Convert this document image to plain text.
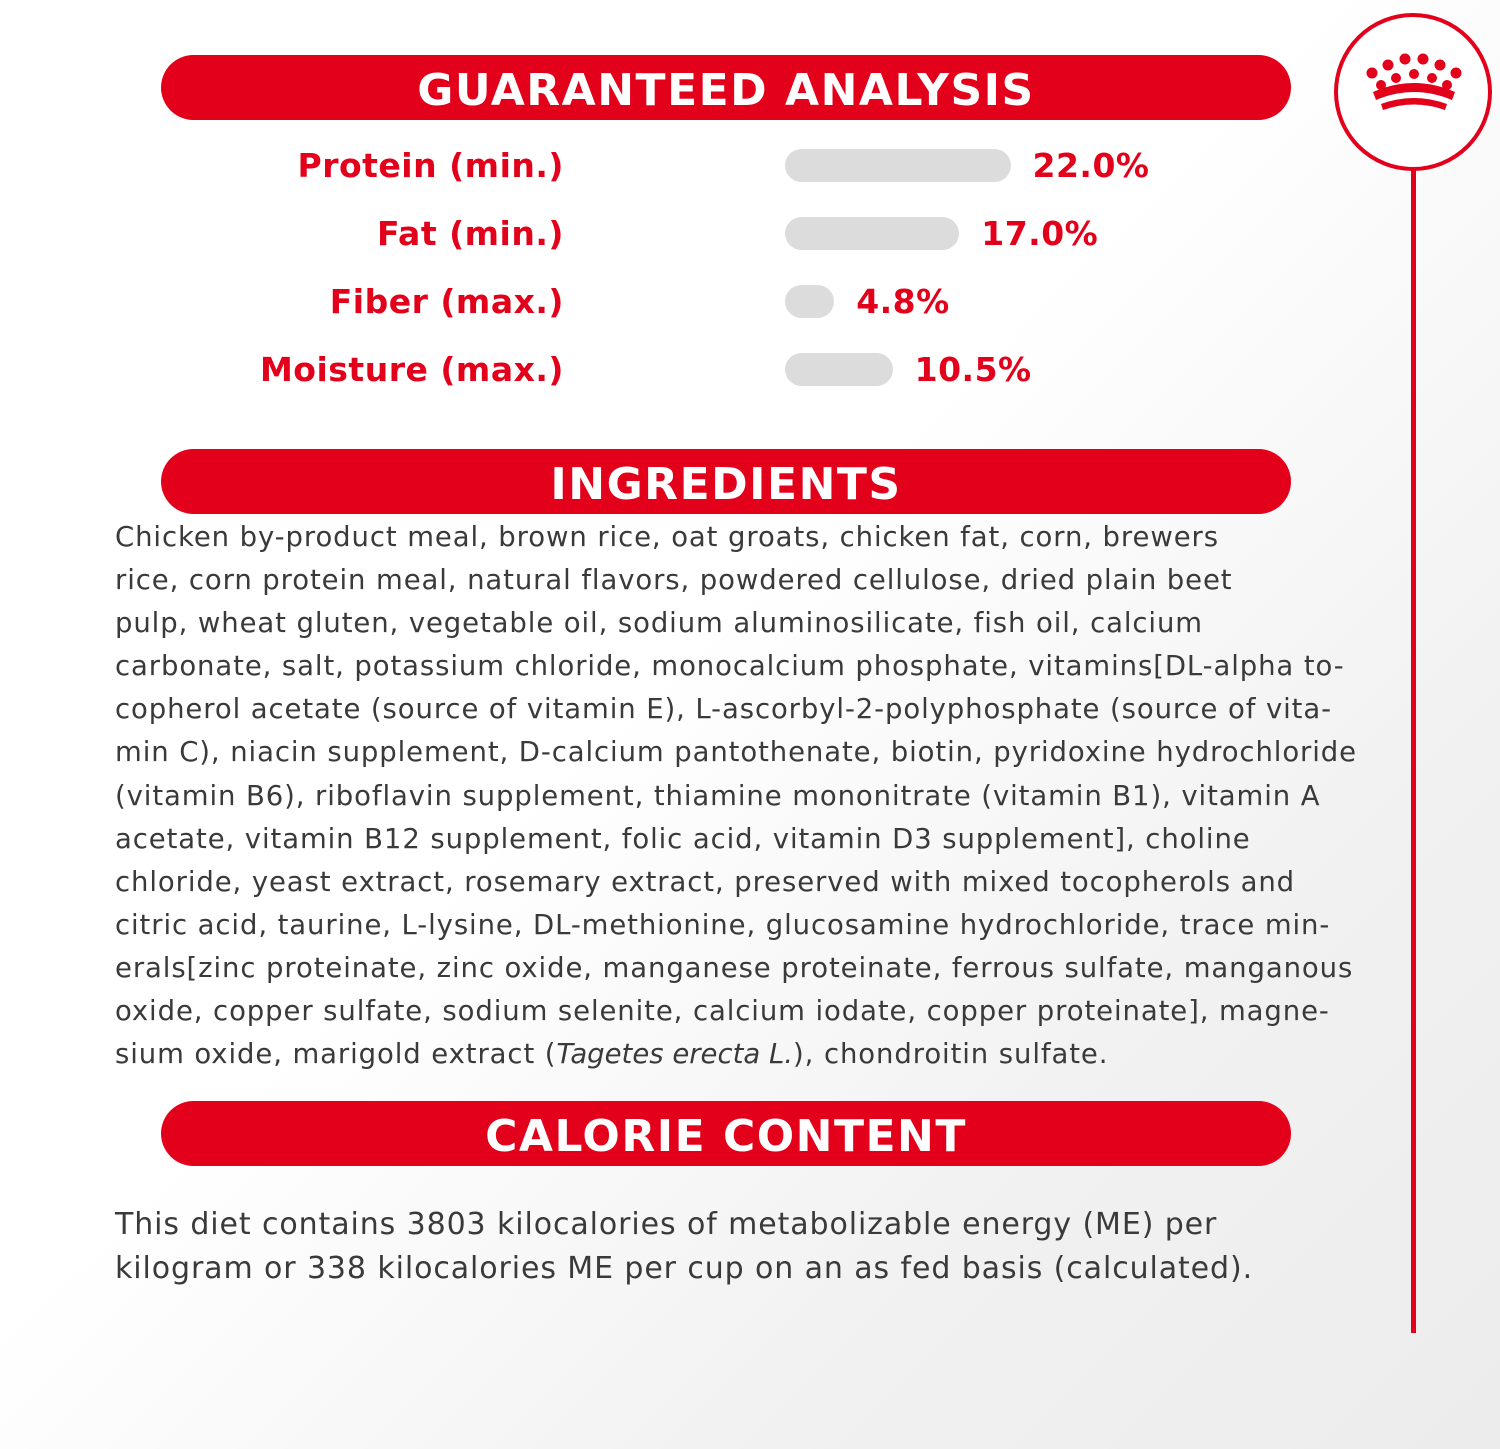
GUARANTEED ANALYSIS
Protein (min.)	22.0%
Fat (min.)	17.0%
Fiber (max.)	4.8%
Moisture (max.)	10.5%
INGREDIENTS
Chicken by-product meal, brown rice, oat groats, chicken fat, corn, brewers
rice, corn protein meal, natural flavors, powdered cellulose, dried plain beet
pulp, wheat gluten, vegetable oil, sodium aluminosilicate, fish oil, calcium
carbonate, salt, potassium chloride, monocalcium phosphate, vitamins[DL-alpha to-
copherol acetate (source of vitamin E), L-ascorbyl-2-polyphosphate (source of vita-
min C), niacin supplement, D-calcium pantothenate, biotin, pyridoxine hydrochloride
(vitamin B6), riboflavin supplement, thiamine mononitrate (vitamin B1), vitamin A
acetate, vitamin B12 supplement, folic acid, vitamin D3 supplement], choline
chloride, yeast extract, rosemary extract, preserved with mixed tocopherols and
citric acid, taurine, L-lysine, DL-methionine, glucosamine hydrochloride, trace min-
erals[zinc proteinate, zinc oxide, manganese proteinate, ferrous sulfate, manganous
oxide, copper sulfate, sodium selenite, calcium iodate, copper proteinate], magne-
sium oxide, marigold extract (Tagetes erecta L.), chondroitin sulfate.
CALORIE CONTENT
This diet contains 3803 kilocalories of metabolizable energy (ME) per
kilogram or 338 kilocalories ME per cup on an as fed basis (calculated).
